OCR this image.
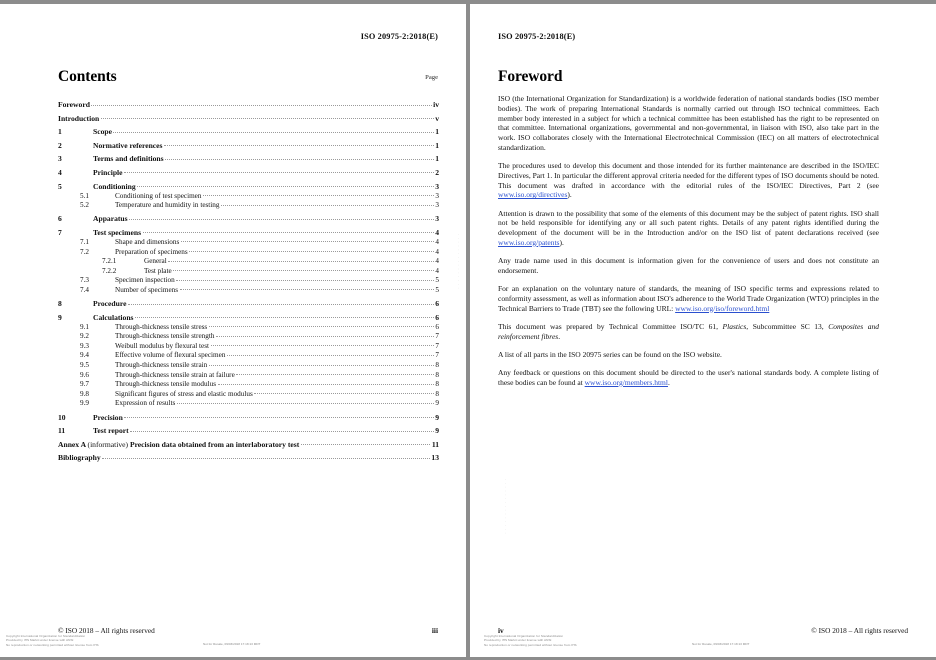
ISO 20975-2:2018(E)
Contents	Page
Foreword	iv
Introduction	v
1	Scope	1
2	Normative references	1
3	Terms and definitions	1
4	Principle	2
5	Conditioning	3
5.1	Conditioning of test specimen	3
5.2	Temperature and humidity in testing	3
6	Apparatus	3
7	Test specimens	4
7.1	Shape and dimensions	4
7.2	Preparation of specimens	4
7.2.1	General	4
7.2.2	Test plate	4
7.3	Specimen inspection	5
7.4	Number of specimens	5
8	Procedure	6
9	Calculations	6
9.1	Through-thickness tensile stress	6
9.2	Through-thickness tensile strength	7
9.3	Weibull modulus by flexural test	7
9.4	Effective volume of flexural specimen	7
9.5	Through-thickness tensile strain	8
9.6	Through-thickness tensile strain at failure	8
9.7	Through-thickness tensile modulus	8
9.8	Significant figures of stress and elastic modulus	8
9.9	Expression of results	9
10	Precision	9
11	Test report	9
Annex A (informative) Precision data obtained from an interlaboratory test	11
Bibliography	13
© ISO 2018 – All rights reserved	iii
Copyright International Organization for Standardization
Provided by IHS Markit under license with ANSI
No reproduction or networking permitted without license from IHS	Not for Resale, 09/03/2018 17:18:13 MDT
- - - - - - - - - - - - - - -
ISO 20975-2:2018(E)
Foreword

ISO (the International Organization for Standardization) is a worldwide federation of national standards bodies (ISO member bodies). The work of preparing International Standards is normally carried out through ISO technical committees. Each member body interested in a subject for which a technical committee has been established has the right to be represented on that committee. International organizations, governmental and non-governmental, in liaison with ISO, also take part in the work. ISO collaborates closely with the International Electrotechnical Commission (IEC) on all matters of electrotechnical standardization.

The procedures used to develop this document and those intended for its further maintenance are described in the ISO/IEC Directives, Part 1. In particular the different approval criteria needed for the different types of ISO documents should be noted. This document was drafted in accordance with the editorial rules of the ISO/IEC Directives, Part 2 (see www.iso.org/directives).

Attention is drawn to the possibility that some of the elements of this document may be the subject of patent rights. ISO shall not be held responsible for identifying any or all such patent rights. Details of any patent rights identified during the development of the document will be in the Introduction and/or on the ISO list of patent declarations received (see www.iso.org/patents).

Any trade name used in this document is information given for the convenience of users and does not constitute an endorsement.

For an explanation on the voluntary nature of standards, the meaning of ISO specific terms and expressions related to conformity assessment, as well as information about ISO's adherence to the World Trade Organization (WTO) principles in the Technical Barriers to Trade (TBT) see the following URL: www.iso.org/iso/foreword.html

This document was prepared by Technical Committee ISO/TC 61, Plastics, Subcommittee SC 13, Composites and reinforcement fibres.

A list of all parts in the ISO 20975 series can be found on the ISO website.

Any feedback or questions on this document should be directed to the user's national standards body. A complete listing of these bodies can be found at www.iso.org/members.html.

© ISO 2018 – All rights reserved
iv
Copyright International Organization for Standardization
Provided by IHS Markit under license with ANSI
No reproduction or networking permitted without license from IHS	Not for Resale, 09/03/2018 17:18:13 MDT
- - - - - - - - - - - - - - -
